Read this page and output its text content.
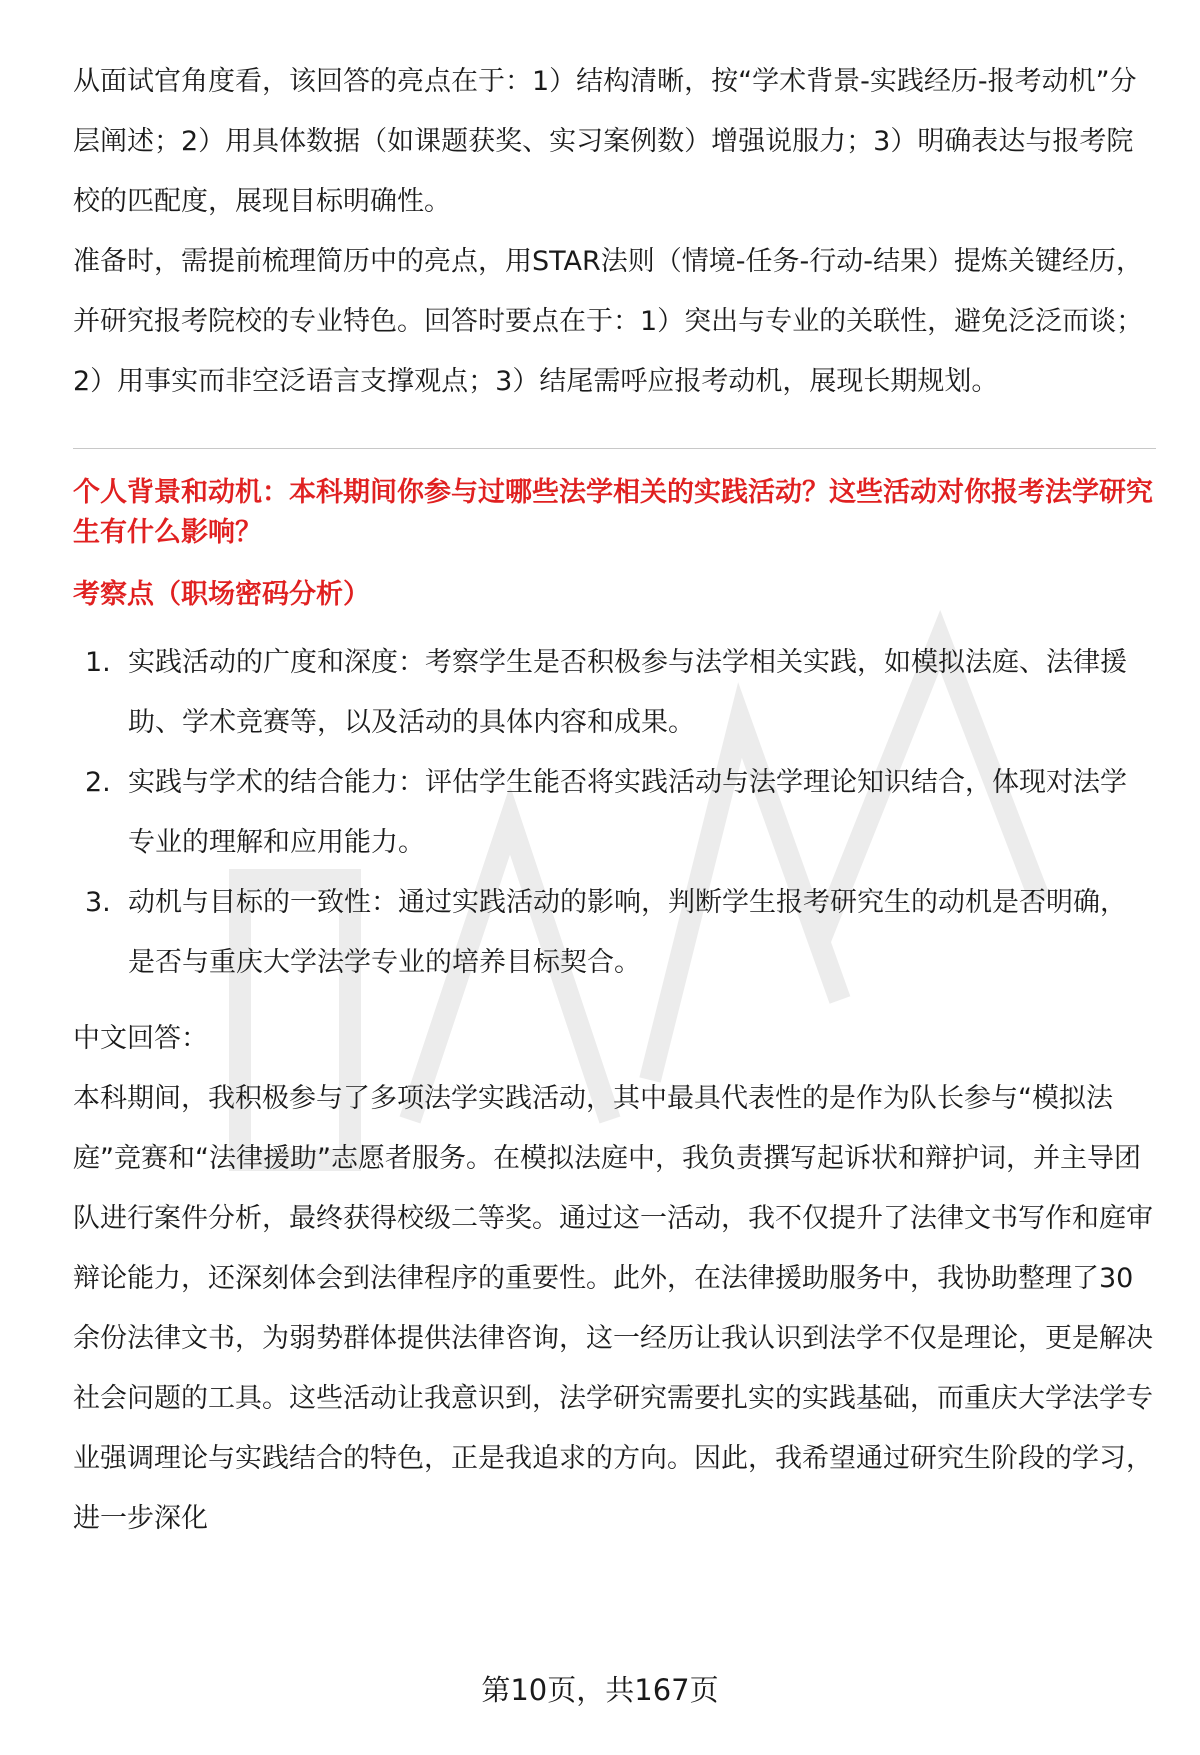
从面试官角度看，该回答的亮点在于：1）结构清晰，按“学术背景-实践经历-报考动机”分层阐述；2）用具体数据（如课题获奖、实习案例数）增强说服力；3）明确表达与报考院校的匹配度，展现目标明确性。

准备时，需提前梳理简历中的亮点，用STAR法则（情境-任务-行动-结果）提炼关键经历，并研究报考院校的专业特色。回答时要点在于：1）突出与专业的关联性，避免泛泛而谈；2）用事实而非空泛语言支撑观点；3）结尾需呼应报考动机，展现长期规划。

个人背景和动机：本科期间你参与过哪些法学相关的实践活动？这些活动对你报考法学研究生有什么影响？

考察点（职场密码分析）

1. 实践活动的广度和深度：考察学生是否积极参与法学相关实践，如模拟法庭、法律援助、学术竞赛等，以及活动的具体内容和成果。
2. 实践与学术的结合能力：评估学生能否将实践活动与法学理论知识结合，体现对法学专业的理解和应用能力。
3. 动机与目标的一致性：通过实践活动的影响，判断学生报考研究生的动机是否明确，是否与重庆大学法学专业的培养目标契合。

中文回答：

本科期间，我积极参与了多项法学实践活动，其中最具代表性的是作为队长参与“模拟法庭”竞赛和“法律援助”志愿者服务。在模拟法庭中，我负责撰写起诉状和辩护词，并主导团队进行案件分析，最终获得校级二等奖。通过这一活动，我不仅提升了法律文书写作和庭审辩论能力，还深刻体会到法律程序的重要性。此外，在法律援助服务中，我协助整理了30余份法律文书，为弱势群体提供法律咨询，这一经历让我认识到法学不仅是理论，更是解决社会问题的工具。这些活动让我意识到，法学研究需要扎实的实践基础，而重庆大学法学专业强调理论与实践结合的特色，正是我追求的方向。因此，我希望通过研究生阶段的学习，进一步深化

第10页，共167页
